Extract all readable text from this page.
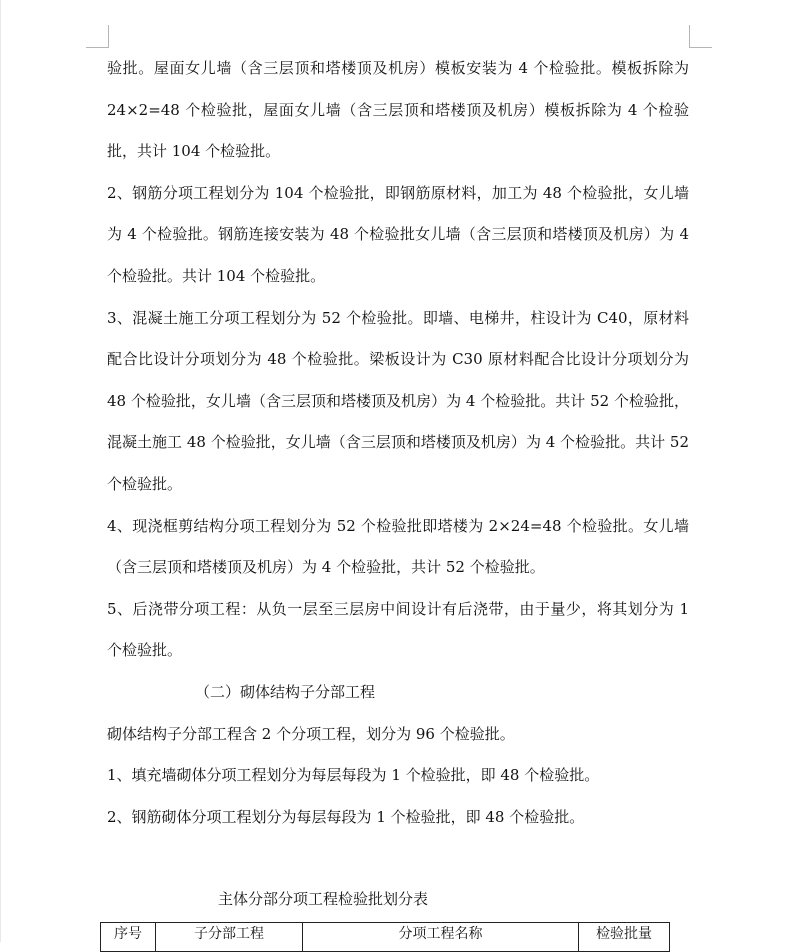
验批。屋面女儿墙（含三层顶和塔楼顶及机房）模板安装为 4 个检验批。模板拆除为 24×2=48 个检验批，屋面女儿墙（含三层顶和塔楼顶及机房）模板拆除为 4 个检验批，共计 104 个检验批。

2、钢筋分项工程划分为 104 个检验批，即钢筋原材料，加工为 48 个检验批，女儿墙为 4 个检验批。钢筋连接安装为 48 个检验批女儿墙（含三层顶和塔楼顶及机房）为 4 个检验批。共计 104 个检验批。

3、混凝土施工分项工程划分为 52 个检验批。即墙、电梯井，柱设计为 C40，原材料配合比设计分项划分为 48 个检验批。梁板设计为 C30 原材料配合比设计分项划分为 48 个检验批，女儿墙（含三层顶和塔楼顶及机房）为 4 个检验批。共计 52 个检验批，混凝土施工 48 个检验批，女儿墙（含三层顶和塔楼顶及机房）为 4 个检验批。共计 52 个检验批。

4、现浇框剪结构分项工程划分为 52 个检验批即塔楼为 2×24=48 个检验批。女儿墙（含三层顶和塔楼顶及机房）为 4 个检验批，共计 52 个检验批。

5、后浇带分项工程：从负一层至三层房中间设计有后浇带，由于量少，将其划分为 1 个检验批。

（二）砌体结构子分部工程

砌体结构子分部工程含 2 个分项工程，划分为 96 个检验批。

1、填充墙砌体分项工程划分为每层每段为 1 个检验批，即 48 个检验批。

2、钢筋砌体分项工程划分为每层每段为 1 个检验批，即 48 个检验批。

主体分部分项工程检验批划分表
序号	子分部工程	分项工程名称	检验批量
